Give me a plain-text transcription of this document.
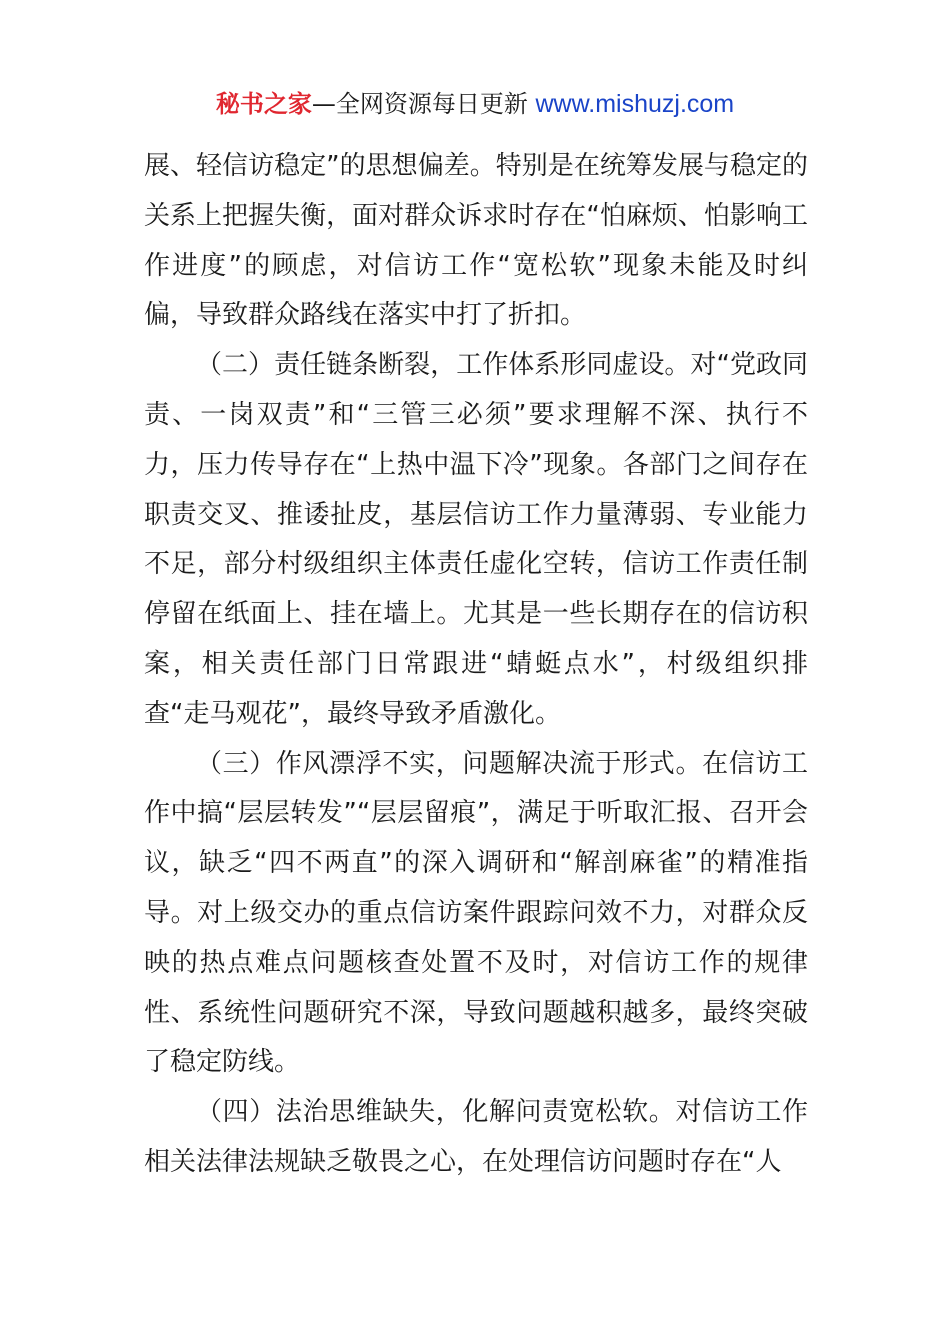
秘书之家—全网资源每日更新 www.mishuzj.com

展、轻信访稳定”的思想偏差。特别是在统筹发展与稳定的关系上把握失衡，面对群众诉求时存在“怕麻烦、怕影响工作进度”的顾虑，对信访工作“宽松软”现象未能及时纠偏，导致群众路线在落实中打了折扣。

（二）责任链条断裂，工作体系形同虚设。对“党政同责、一岗双责”和“三管三必须”要求理解不深、执行不力，压力传导存在“上热中温下冷”现象。各部门之间存在职责交叉、推诿扯皮，基层信访工作力量薄弱、专业能力不足，部分村级组织主体责任虚化空转，信访工作责任制停留在纸面上、挂在墙上。尤其是一些长期存在的信访积案，相关责任部门日常跟进“蜻蜓点水”，村级组织排查“走马观花”，最终导致矛盾激化。

（三）作风漂浮不实，问题解决流于形式。在信访工作中搞“层层转发”“层层留痕”，满足于听取汇报、召开会议，缺乏“四不两直”的深入调研和“解剖麻雀”的精准指导。对上级交办的重点信访案件跟踪问效不力，对群众反映的热点难点问题核查处置不及时，对信访工作的规律性、系统性问题研究不深，导致问题越积越多，最终突破了稳定防线。

（四）法治思维缺失，化解问责宽松软。对信访工作相关法律法规缺乏敬畏之心，在处理信访问题时存在“人
